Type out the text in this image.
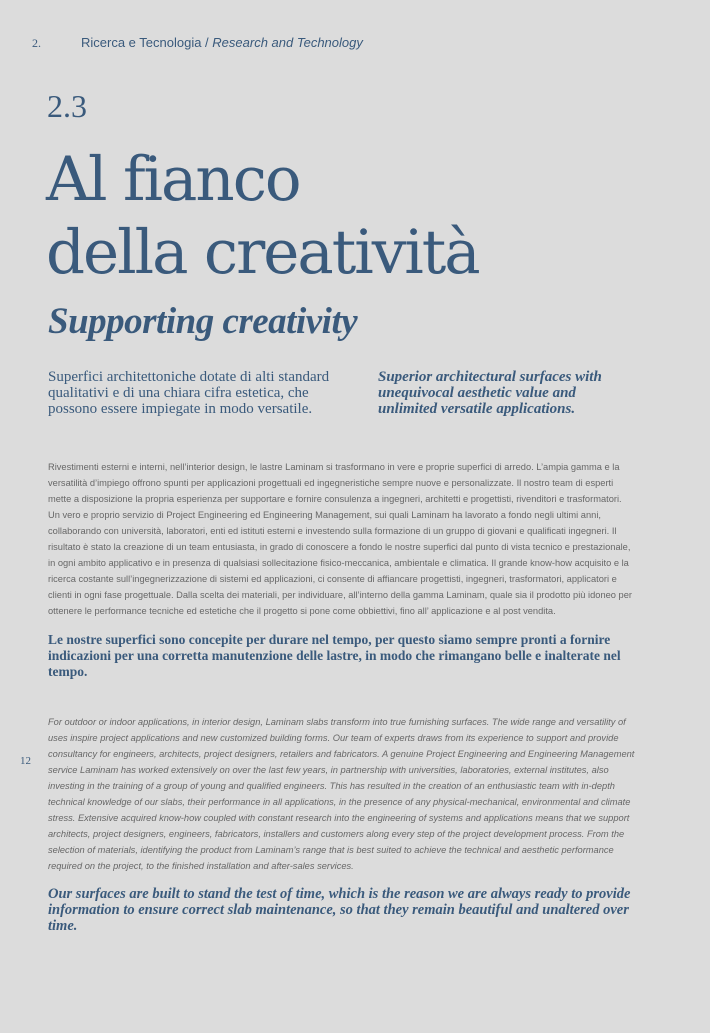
2.	Ricerca e Tecnologia / Research and Technology
2.3
Al fianco
della creatività
Supporting creativity
Superfici architettoniche dotate di alti standard qualitativi e di una chiara cifra estetica, che possono essere impiegate in modo versatile.
Superior architectural surfaces with unequivocal aesthetic value and unlimited versatile applications.
Rivestimenti esterni e interni, nell’interior design, le lastre Laminam si trasformano in vere e proprie superfici di arredo. L’ampia gamma e la versatilità d’impiego offrono spunti per applicazioni progettuali ed ingegneristiche sempre nuove e personalizzate. Il nostro team di esperti mette a disposizione la propria esperienza per supportare e fornire consulenza a ingegneri, architetti e progettisti, rivenditori e trasformatori. Un vero e proprio servizio di Project Engineering ed Engineering Management, sui quali Laminam ha lavorato a fondo negli ultimi anni, collaborando con università, laboratori, enti ed istituti esterni e investendo sulla formazione di un gruppo di giovani e qualificati ingegneri. Il risultato è stato la creazione di un team entusiasta, in grado di conoscere a fondo le nostre superfici dal punto di vista tecnico e prestazionale, in ogni ambito applicativo e in presenza di qualsiasi sollecitazione fisico-meccanica, ambientale e climatica. Il grande know-how acquisito e la ricerca costante sull’ingegnerizzazione di sistemi ed applicazioni, ci consente di affiancare progettisti, ingegneri, trasformatori, applicatori e clienti in ogni fase progettuale. Dalla scelta dei materiali, per individuare, all’interno della gamma Laminam, quale sia il prodotto più idoneo per ottenere le performance tecniche ed estetiche che il progetto si pone come obbiettivi, fino all’ applicazione e al post vendita.
Le nostre superfici sono concepite per durare nel tempo, per questo siamo sempre pronti a fornire indicazioni per una corretta manutenzione delle lastre, in modo che rimangano belle e inalterate nel tempo.
12
For outdoor or indoor applications, in interior design, Laminam slabs transform into true furnishing surfaces. The wide range and versatility of uses inspire project applications and new customized building forms. Our team of experts draws from its experience to support and provide consultancy for engineers, architects, project designers, retailers and fabricators. A genuine Project Engineering and Engineering Management service Laminam has worked extensively on over the last few years, in partnership with universities, laboratories, external institutes, also investing in the training of a group of young and qualified engineers. This has resulted in the creation of an enthusiastic team with in-depth technical knowledge of our slabs, their performance in all applications, in the presence of any physical-mechanical, environmental and climate stress. Extensive acquired know-how coupled with constant research into the engineering of systems and applications means that we support architects, project designers, engineers, fabricators, installers and customers along every step of the project development process. From the selection of materials, identifying the product from Laminam’s range that is best suited to achieve the technical and aesthetic performance required on the project, to the finished installation and after-sales services.
Our surfaces are built to stand the test of time, which is the reason we are always ready to provide information to ensure correct slab maintenance, so that they remain beautiful and unaltered over time.
